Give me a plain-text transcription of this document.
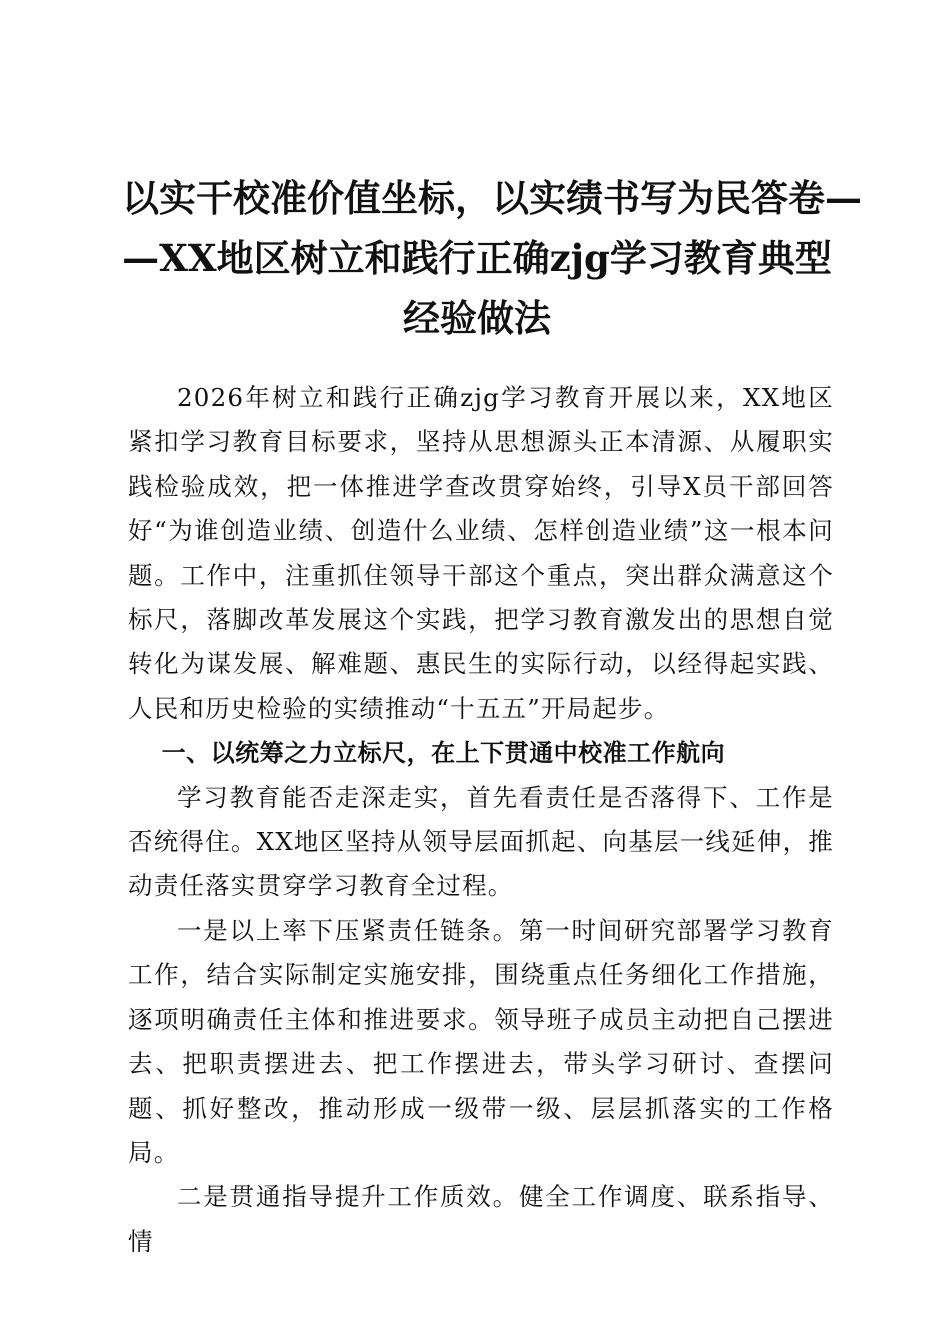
以实干校准价值坐标，以实绩书写为民答卷—
—XX地区树立和践行正确zjg学习教育典型
经验做法

2026年树立和践行正确zjg学习教育开展以来，XX地区紧扣学习教育目标要求，坚持从思想源头正本清源、从履职实践检验成效，把一体推进学查改贯穿始终，引导X员干部回答好“为谁创造业绩、创造什么业绩、怎样创造业绩”这一根本问题。工作中，注重抓住领导干部这个重点，突出群众满意这个标尺，落脚改革发展这个实践，把学习教育激发出的思想自觉转化为谋发展、解难题、惠民生的实际行动，以经得起实践、人民和历史检验的实绩推动“十五五”开局起步。

一、以统筹之力立标尺，在上下贯通中校准工作航向

学习教育能否走深走实，首先看责任是否落得下、工作是否统得住。XX地区坚持从领导层面抓起、向基层一线延伸，推动责任落实贯穿学习教育全过程。

一是以上率下压紧责任链条。第一时间研究部署学习教育工作，结合实际制定实施安排，围绕重点任务细化工作措施，逐项明确责任主体和推进要求。领导班子成员主动把自己摆进去、把职责摆进去、把工作摆进去，带头学习研讨、查摆问题、抓好整改，推动形成一级带一级、层层抓落实的工作格局。

二是贯通指导提升工作质效。健全工作调度、联系指导、情
